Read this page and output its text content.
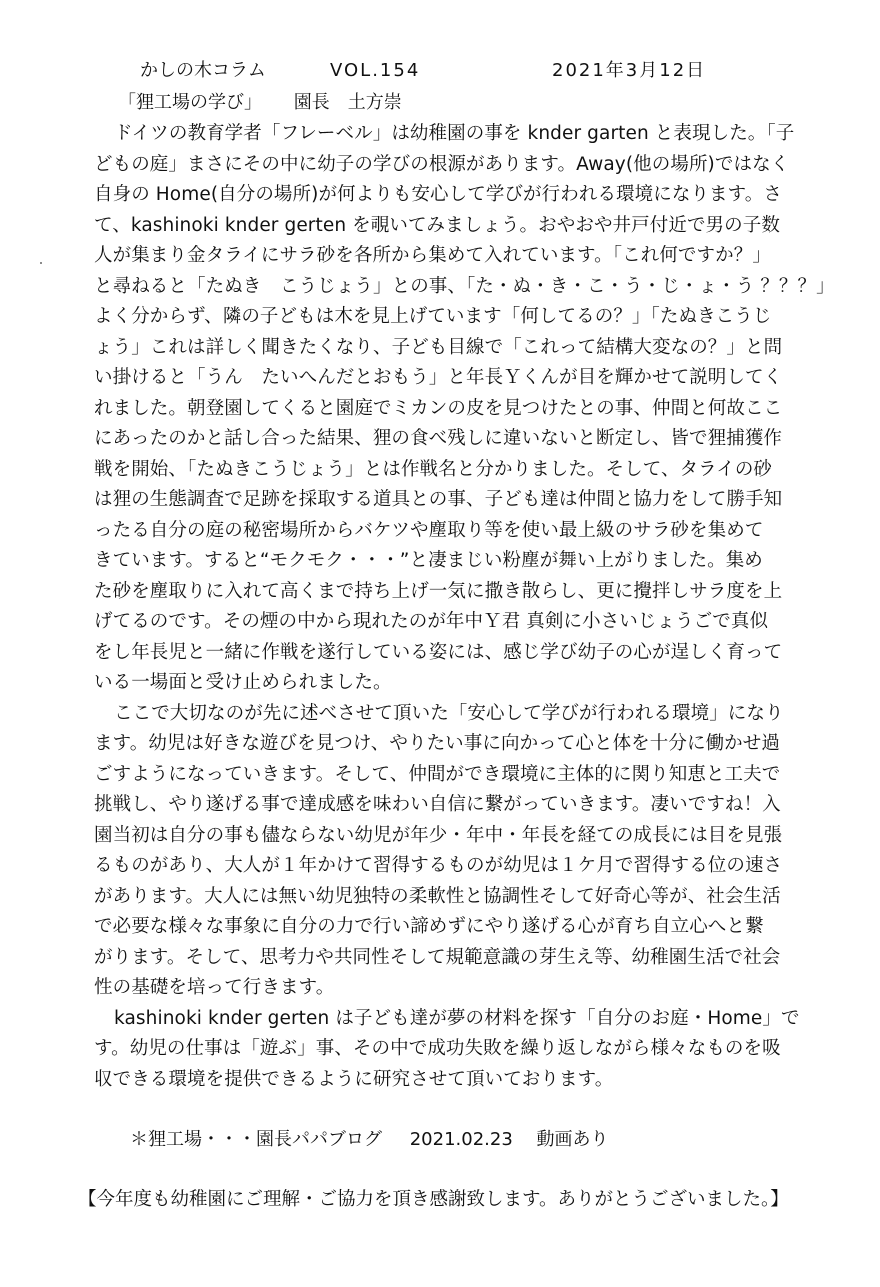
かしの木コラム	VOL.154	2021年3月12日
「狸工場の学び」 園長　土方崇
ドイツの教育学者「フレーベル」は幼稚園の事を knder garten と表現した。「子
どもの庭」まさにその中に幼子の学びの根源があります。Away(他の場所)ではなく
自身の Home(自分の場所)が何よりも安心して学びが行われる環境になります。さ
て、kashinoki knder gerten を覗いてみましょう。おやおや井戸付近で男の子数
人が集まり金タライにサラ砂を各所から集めて入れています。「これ何ですか？」
と尋ねると「たぬき　こうじょう」との事、「た・ぬ・き・こ・う・じ・ょ・う ？？？」
よく分からず、隣の子どもは木を見上げています「何してるの？」「たぬきこうじ
ょう」これは詳しく聞きたくなり、子ども目線で「これって結構大変なの？」と問
い掛けると「うん　たいへんだとおもう」と年長Ｙくんが目を輝かせて説明してく
れました。朝登園してくると園庭でミカンの皮を見つけたとの事、仲間と何故ここ
にあったのかと話し合った結果、狸の食べ残しに違いないと断定し、皆で狸捕獲作
戦を開始、「たぬきこうじょう」とは作戦名と分かりました。そして、タライの砂
は狸の生態調査で足跡を採取する道具との事、子ども達は仲間と協力をして勝手知
ったる自分の庭の秘密場所からバケツや塵取り等を使い最上級のサラ砂を集めて
きています。すると“モクモク・・・”と凄まじい粉塵が舞い上がりました。集め
た砂を塵取りに入れて高くまで持ち上げ一気に撒き散らし、更に攪拌しサラ度を上
げてるのです。その煙の中から現れたのが年中Ｙ君 真剣に小さいじょうごで真似
をし年長児と一緒に作戦を遂行している姿には、感じ学び幼子の心が逞しく育って
いる一場面と受け止められました。
ここで大切なのが先に述べさせて頂いた「安心して学びが行われる環境」になり
ます。幼児は好きな遊びを見つけ、やりたい事に向かって心と体を十分に働かせ過
ごすようになっていきます。そして、仲間ができ環境に主体的に関り知恵と工夫で
挑戦し、やり遂げる事で達成感を味わい自信に繋がっていきます。凄いですね！入
園当初は自分の事も儘ならない幼児が年少・年中・年長を経ての成長には目を見張
るものがあり、大人が１年かけて習得するものが幼児は１ケ月で習得する位の速さ
があります。大人には無い幼児独特の柔軟性と協調性そして好奇心等が、社会生活
で必要な様々な事象に自分の力で行い諦めずにやり遂げる心が育ち自立心へと繋
がります。そして、思考力や共同性そして規範意識の芽生え等、幼稚園生活で社会
性の基礎を培って行きます。
kashinoki knder gerten は子ども達が夢の材料を探す「自分のお庭・Home」で
す。幼児の仕事は「遊ぶ」事、その中で成功失敗を繰り返しながら様々なものを吸
収できる環境を提供できるように研究させて頂いております。
＊狸工場・・・園長パパブログ 2021.02.23 動画あり
【今年度も幼稚園にご理解・ご協力を頂き感謝致します。ありがとうございました。】
